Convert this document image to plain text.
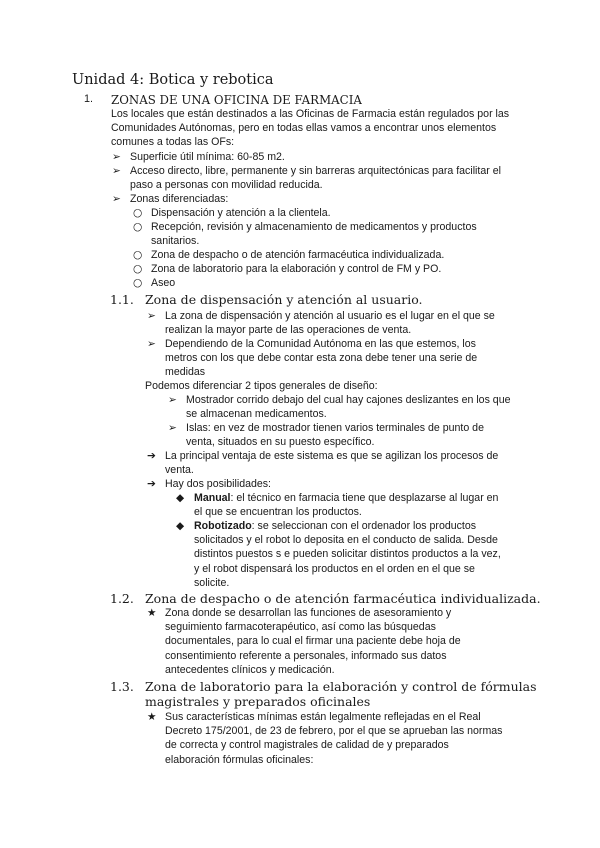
Unidad 4: Botica y rebotica
1. ZONAS DE UNA OFICINA DE FARMACIA
Los locales que están destinados a las Oficinas de Farmacia están regulados por las
Comunidades Autónomas, pero en todas ellas vamos a encontrar unos elementos
comunes a todas las OFs:
➢ Superficie útil mínima: 60-85 m2.
➢ Acceso directo, libre, permanente y sin barreras arquitectónicas para facilitar el
paso a personas con movilidad reducida.
➢ Zonas diferenciadas:
○ Dispensación y atención a la clientela.
○ Recepción, revisión y almacenamiento de medicamentos y productos
sanitarios.
○ Zona de despacho o de atención farmacéutica individualizada.
○ Zona de laboratorio para la elaboración y control de FM y PO.
○ Aseo
1.1. Zona de dispensación y atención al usuario.
➢ La zona de dispensación y atención al usuario es el lugar en el que se
realizan la mayor parte de las operaciones de venta.
➢ Dependiendo de la Comunidad Autónoma en las que estemos, los
metros con los que debe contar esta zona debe tener una serie de
medidas
Podemos diferenciar 2 tipos generales de diseño:
➢ Mostrador corrido debajo del cual hay cajones deslizantes en los que
se almacenan medicamentos.
➢ Islas: en vez de mostrador tienen varios terminales de punto de
venta, situados en su puesto específico.
➔ La principal ventaja de este sistema es que se agilizan los procesos de
venta.
➔ Hay dos posibilidades:
◆ Manual: el técnico en farmacia tiene que desplazarse al lugar en
el que se encuentran los productos.
◆ Robotizado: se seleccionan con el ordenador los productos
solicitados y el robot lo deposita en el conducto de salida. Desde
distintos puestos s e pueden solicitar distintos productos a la vez,
y el robot dispensará los productos en el orden en el que se
solicite.
1.2. Zona de despacho o de atención farmacéutica individualizada.
★ Zona donde se desarrollan las funciones de asesoramiento y
seguimiento farmacoterapéutico, así como las búsquedas
documentales, para lo cual el firmar una paciente debe hoja de
consentimiento referente a personales, informado sus datos
antecedentes clínicos y medicación.
1.3. Zona de laboratorio para la elaboración y control de fórmulas
magistrales y preparados oficinales
★ Sus características mínimas están legalmente reflejadas en el Real
Decreto 175/2001, de 23 de febrero, por el que se aprueban las normas
de correcta y control magistrales de calidad de y preparados
elaboración fórmulas oficinales:
